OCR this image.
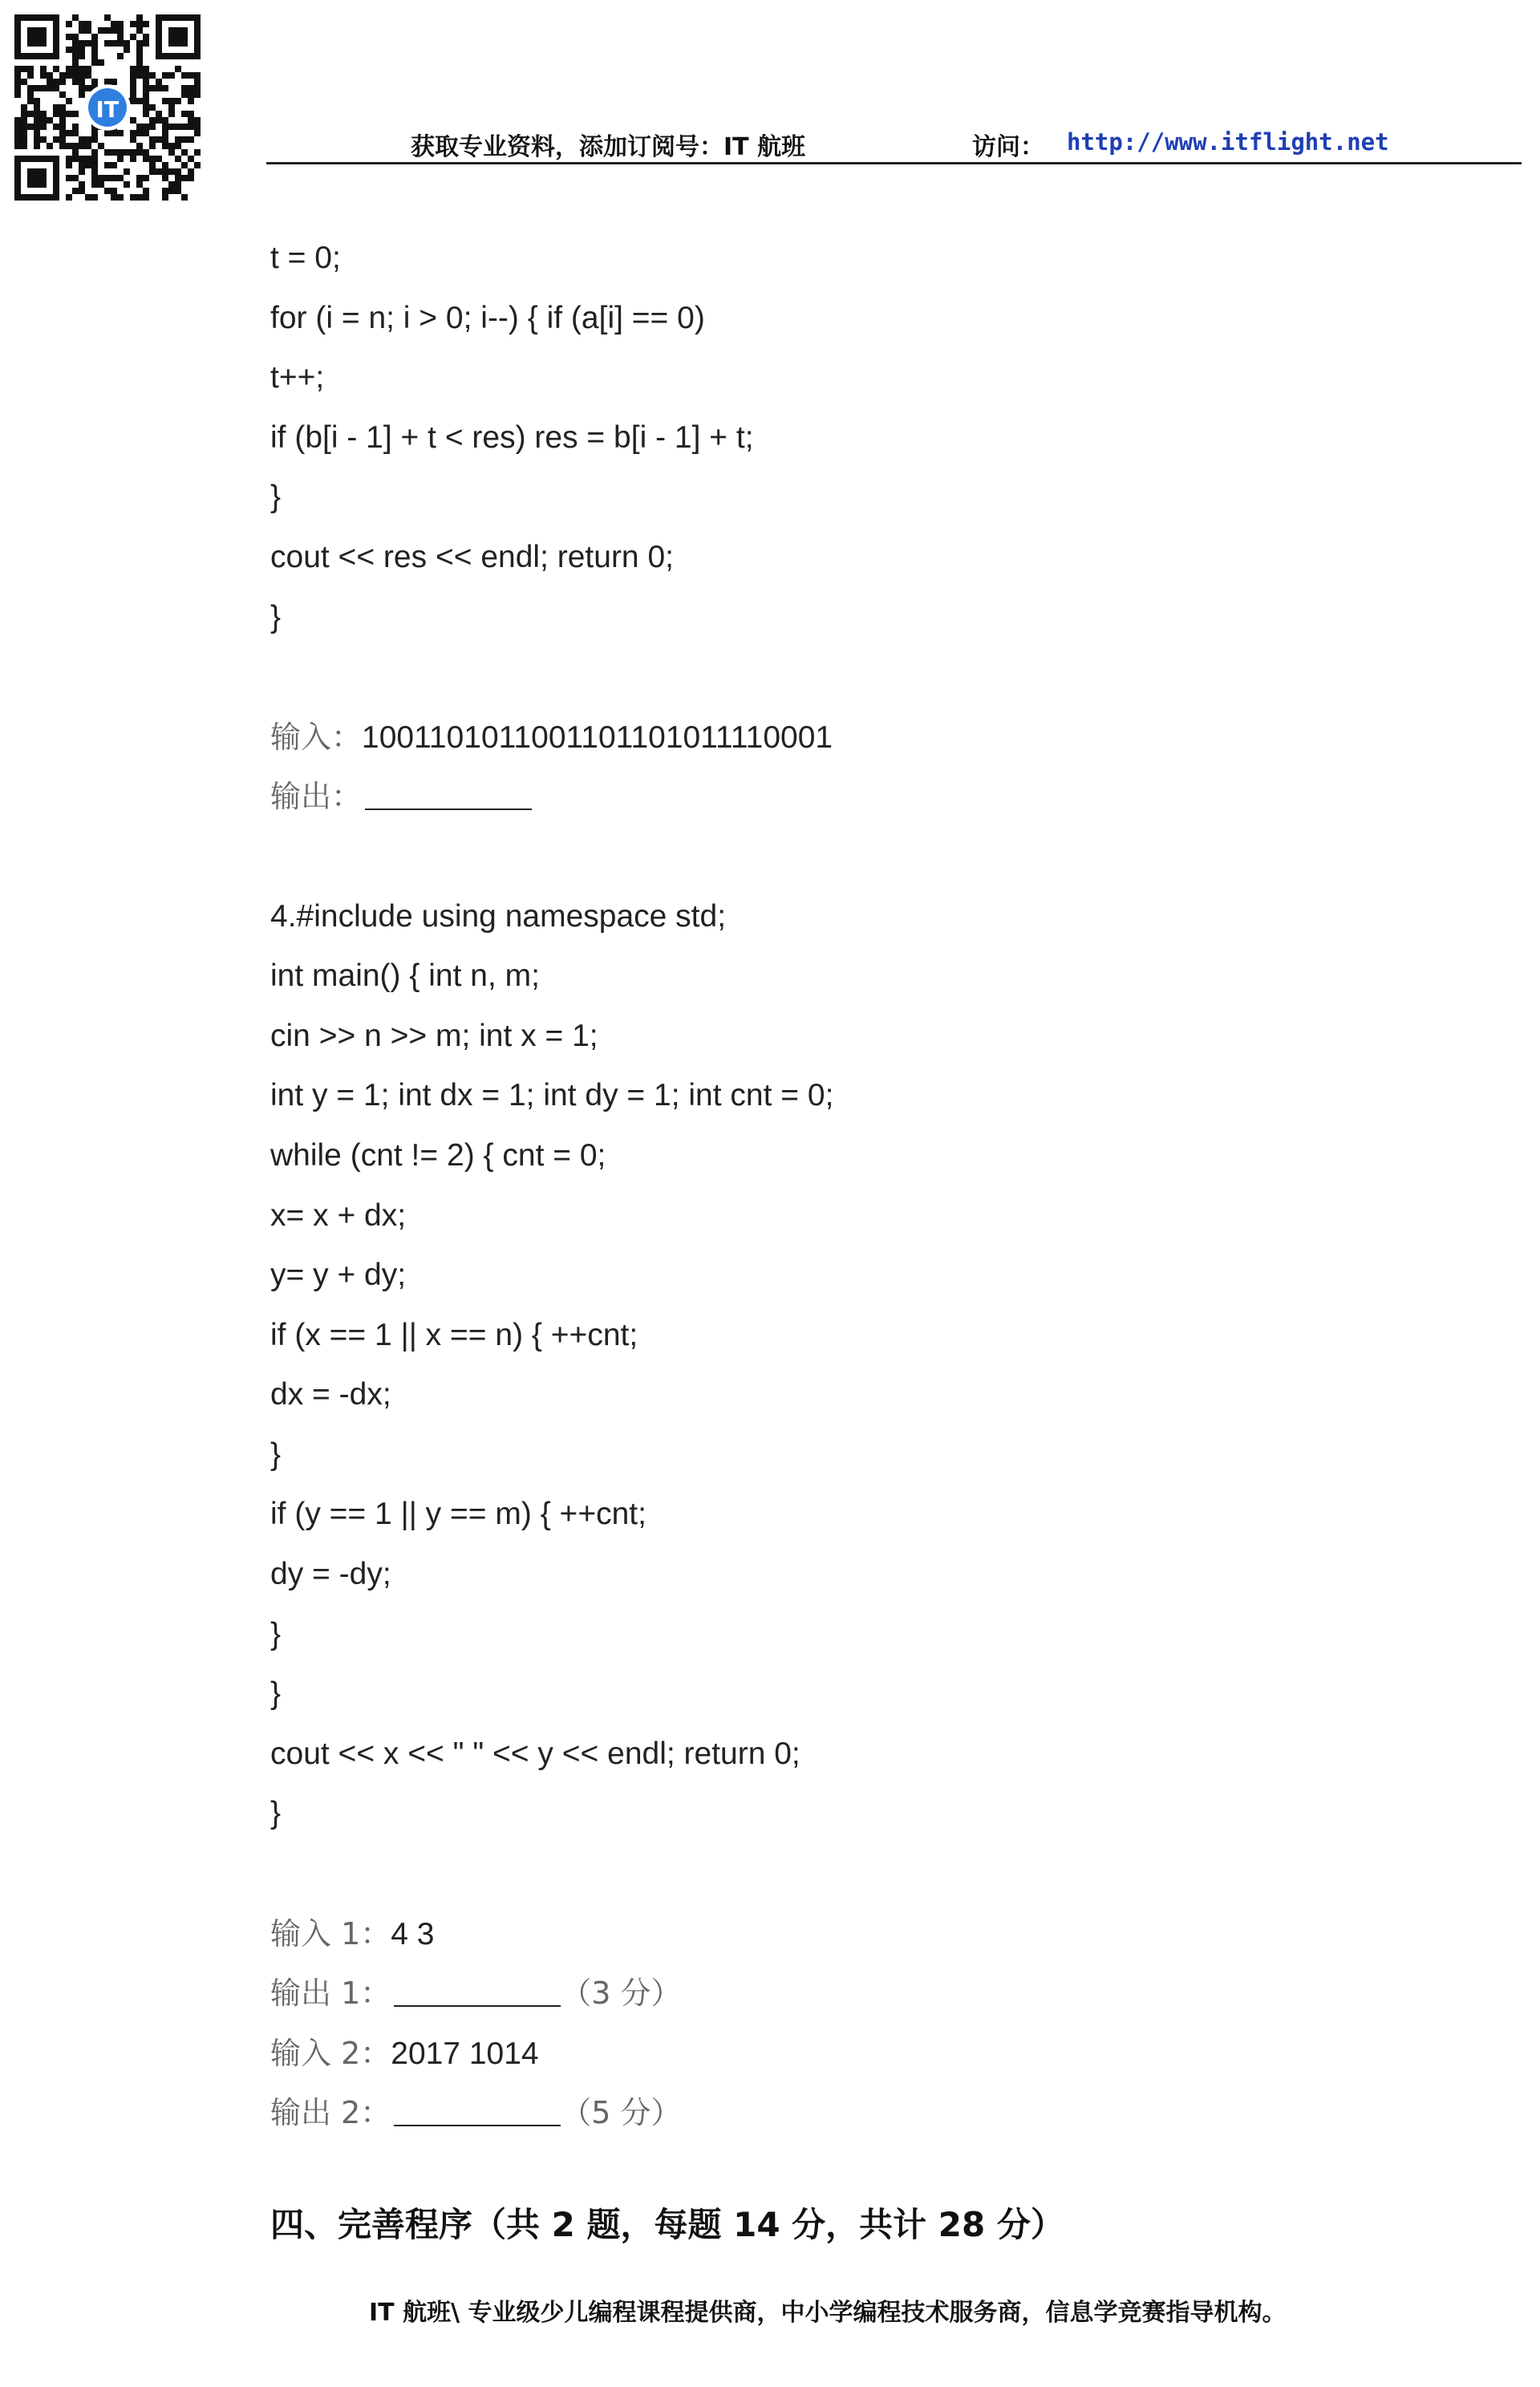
IT
获取专业资料，添加订阅号：IT 航班	访问： http://www.itflight.net
t = 0;
for (i = n; i > 0; i--) { if (a[i] == 0)
t++;
if (b[i - 1] + t < res) res = b[i - 1] + t;
}
cout << res << endl; return 0;
}
输入：1001101011001101101011110001
输出：
4.#include using namespace std;
int main() { int n, m;
cin >> n >> m; int x = 1;
int y = 1; int dx = 1; int dy = 1; int cnt = 0;
while (cnt != 2) { cnt = 0;
x= x + dx;
y= y + dy;
if (x == 1 || x == n) { ++cnt;
dx = -dx;
}
if (y == 1 || y == m) { ++cnt;
dy = -dy;
}
}
cout << x << " " << y << endl; return 0;
}
输入 1：4 3
输出 1：	（3 分）
输入 2：2017 1014
输出 2：	（5 分）
四、完善程序（共 2 题，每题 14 分，共计 28 分）
IT 航班\ 专业级少儿编程课程提供商，中小学编程技术服务商，信息学竞赛指导机构。
